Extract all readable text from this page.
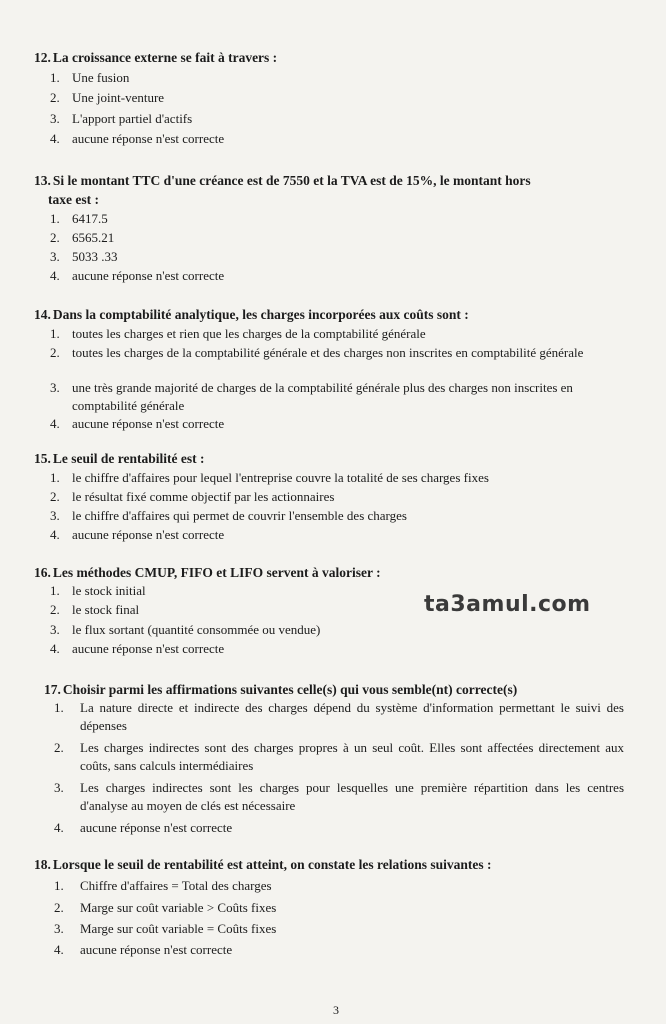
12. La croissance externe se fait à travers :
1. Une fusion
2. Une joint-venture
3. L'apport partiel d'actifs
4. aucune réponse n'est correcte
13. Si le montant TTC d'une créance est de 7550 et la TVA est de 15%, le montant hors
taxe est :
1. 6417.5
2. 6565.21
3. 5033 .33
4. aucune réponse n'est correcte
14. Dans la comptabilité analytique, les charges incorporées aux coûts sont :
1. toutes les charges et rien que les charges de la comptabilité générale
2. toutes les charges de la comptabilité générale et des charges non inscrites en comptabilité générale
3. une très grande majorité de charges de la comptabilité générale plus des charges non inscrites en comptabilité générale
4. aucune réponse n'est correcte
15. Le seuil de rentabilité est :
1. le chiffre d'affaires pour lequel l'entreprise couvre la totalité de ses charges fixes
2. le résultat fixé comme objectif par les actionnaires
3. le chiffre d'affaires qui permet de couvrir l'ensemble des charges
4. aucune réponse n'est correcte
16. Les méthodes CMUP, FIFO et LIFO servent à valoriser :
1. le stock initial
2. le stock final
3. le flux sortant (quantité consommée ou vendue)
4. aucune réponse n'est correcte
ta3amul.com
17. Choisir parmi les affirmations suivantes celle(s) qui vous semble(nt) correcte(s)
1.	La nature directe et indirecte des charges dépend du système d'information permettant le suivi des dépenses
2.	Les charges indirectes sont des charges propres à un seul coût. Elles sont affectées directement aux coûts, sans calculs intermédiaires
3.	Les charges indirectes sont les charges pour lesquelles une première répartition dans les centres d'analyse au moyen de clés est nécessaire
4.	aucune réponse n'est correcte
18. Lorsque le seuil de rentabilité est atteint, on constate les relations suivantes :
1.	Chiffre d'affaires = Total des charges
2.	Marge sur coût variable > Coûts fixes
3.	Marge sur coût variable = Coûts fixes
4.	aucune réponse n'est correcte
3
